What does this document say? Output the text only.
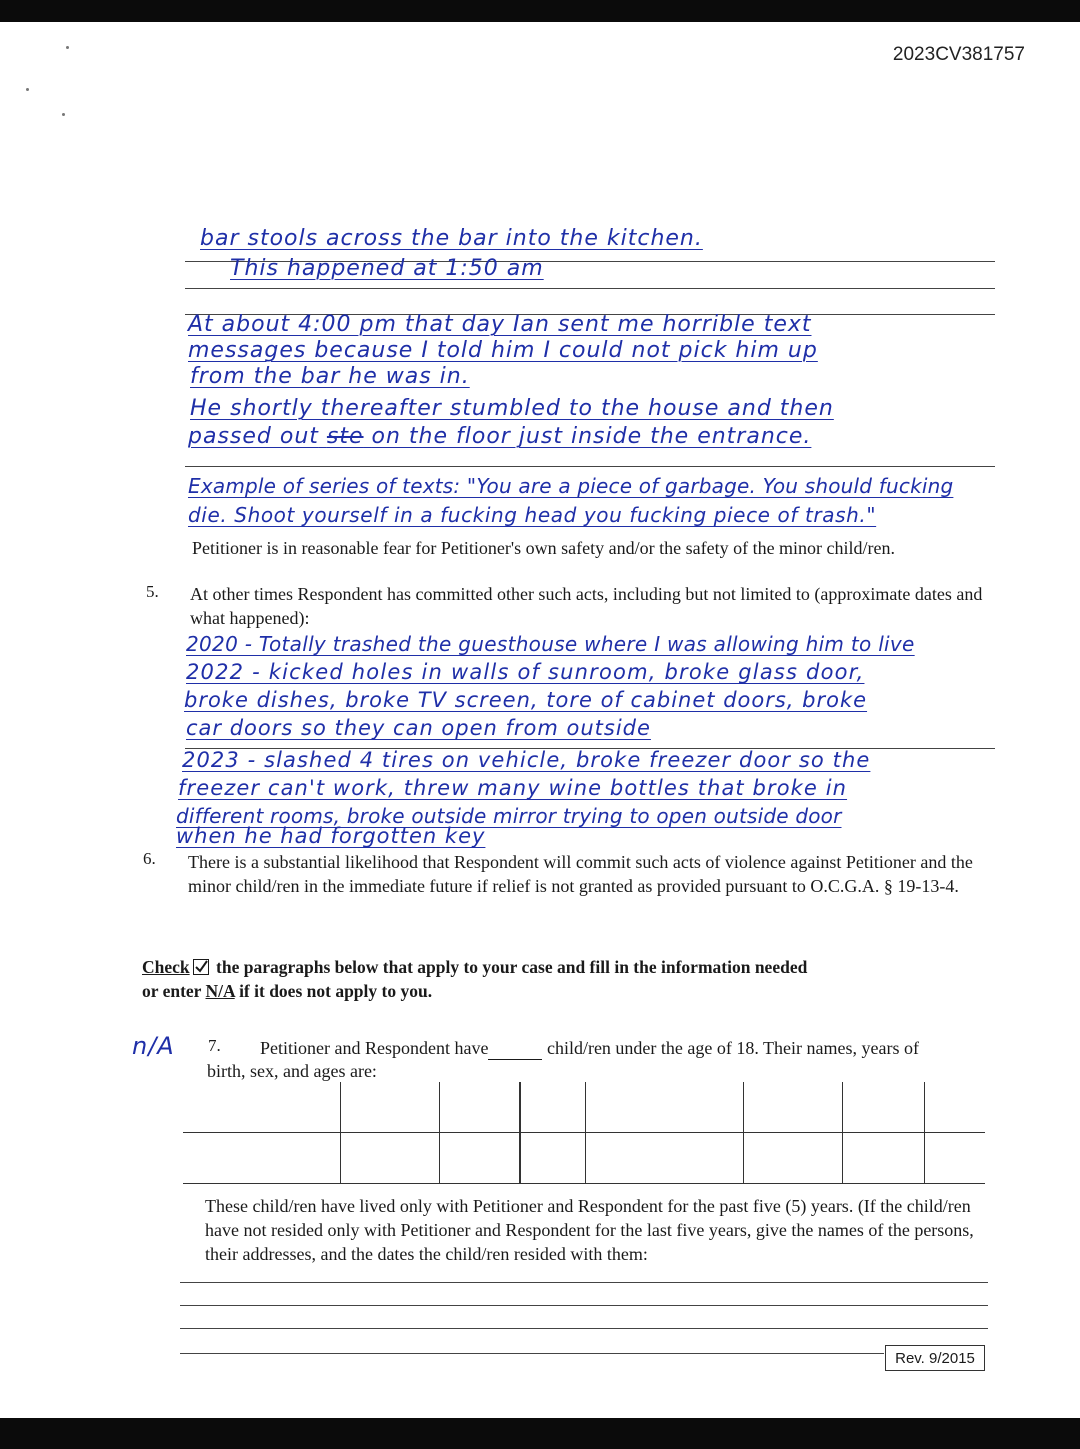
2023CV381757
bar stools across the bar into the kitchen.
This happened at 1:50 am
At about 4:00 pm that day Ian sent me horrible text
messages because I told him I could not pick him up
from the bar he was in.
He shortly thereafter stumbled to the house and then
passed out ste on the floor just inside the entrance.
Example of series of texts: "You are a piece of garbage. You should fucking
die. Shoot yourself in a fucking head you fucking piece of trash."
Petitioner is in reasonable fear for Petitioner's own safety and/or the safety of the minor child/ren.
5. At other times Respondent has committed other such acts, including but not limited to (approximate dates and what happened):
2020 - Totally trashed the guesthouse where I was allowing him to live
2022 - kicked holes in walls of sunroom, broke glass door,
broke dishes, broke TV screen, tore of cabinet doors, broke
car doors so they can open from outside
2023 - slashed 4 tires on vehicle, broke freezer door so the
freezer can't work, threw many wine bottles that broke in
different rooms, broke outside mirror trying to open outside door
when he had forgotten key
6. There is a substantial likelihood that Respondent will commit such acts of violence against Petitioner and the minor child/ren in the immediate future if relief is not granted as provided pursuant to O.C.G.A. § 19-13-4.
Check the paragraphs below that apply to your case and fill in the information needed
or enter N/A if it does not apply to you.
n/A 7. Petitioner and Respondent have	child/ren under the age of 18. Their names, years of
birth, sex, and ages are:

These child/ren have lived only with Petitioner and Respondent for the past five (5) years. (If the child/ren have not resided only with Petitioner and Respondent for the last five years, give the names of the persons, their addresses, and the dates the child/ren resided with them:
Rev. 9/2015
